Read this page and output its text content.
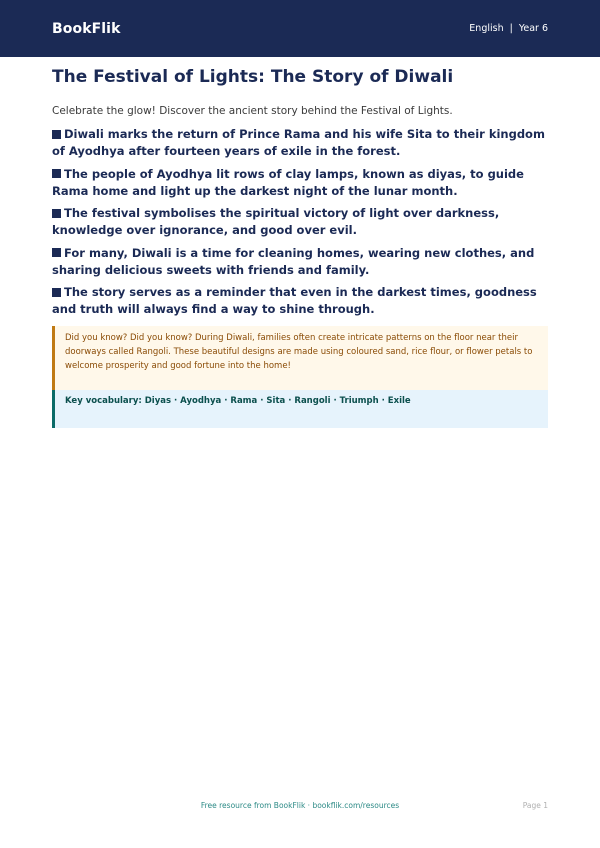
BookFlik	English | Year 6
The Festival of Lights: The Story of Diwali
Celebrate the glow! Discover the ancient story behind the Festival of Lights.
Diwali marks the return of Prince Rama and his wife Sita to their kingdom of Ayodhya after fourteen years of exile in the forest.
The people of Ayodhya lit rows of clay lamps, known as diyas, to guide Rama home and light up the darkest night of the lunar month.
The festival symbolises the spiritual victory of light over darkness, knowledge over ignorance, and good over evil.
For many, Diwali is a time for cleaning homes, wearing new clothes, and sharing delicious sweets with friends and family.
The story serves as a reminder that even in the darkest times, goodness and truth will always find a way to shine through.
Did you know? Did you know? During Diwali, families often create intricate patterns on the floor near their doorways called Rangoli. These beautiful designs are made using coloured sand, rice flour, or flower petals to welcome prosperity and good fortune into the home!
Key vocabulary: Diyas · Ayodhya · Rama · Sita · Rangoli · Triumph · Exile
Free resource from BookFlik · bookflik.com/resources	Page 1
